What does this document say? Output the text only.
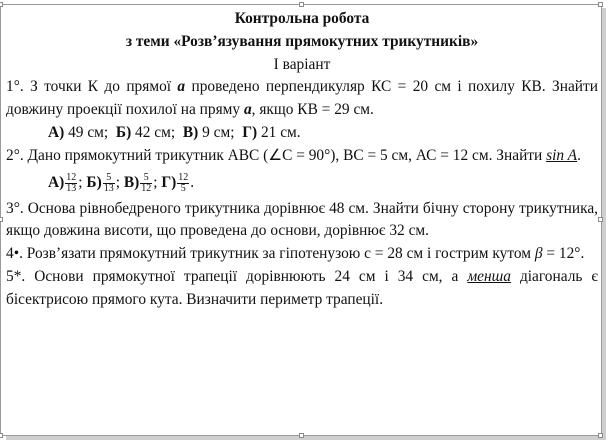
Контрольна робота
з теми «Розв’язування прямокутних трикутників»
І варіант
1°. З точки К до прямої a проведено перпендикуляр КС = 20 см і похилу КВ. Знайти довжину проекції похилої на пряму a, якщо КВ = 29 см.
А) 49 см; Б) 42 см; В) 9 см; Г) 21 см.
2°. Дано прямокутний трикутник АВС (∠С = 90°), ВС = 5 см, АС = 12 см. Знайти sin A.
$А) \frac{12}{13}$ ; $Б) \frac{5}{13}$ ; $В) \frac{5}{12}$ ; $Г) \frac{12}{5}$ .
3°. Основа рівнобедреного трикутника дорівнює 48 см. Знайти бічну сторону трикутника, якщо довжина висоти, що проведена до основи, дорівнює 32 см.
4•. Розв’язати прямокутний трикутник за гіпотенузою с = 28 см і гострим кутом β = 12°.
5*. Основи прямокутної трапеції дорівнюють 24 см і 34 см, а менша діагональ є бісектрисою прямого кута. Визначити периметр трапеції.
